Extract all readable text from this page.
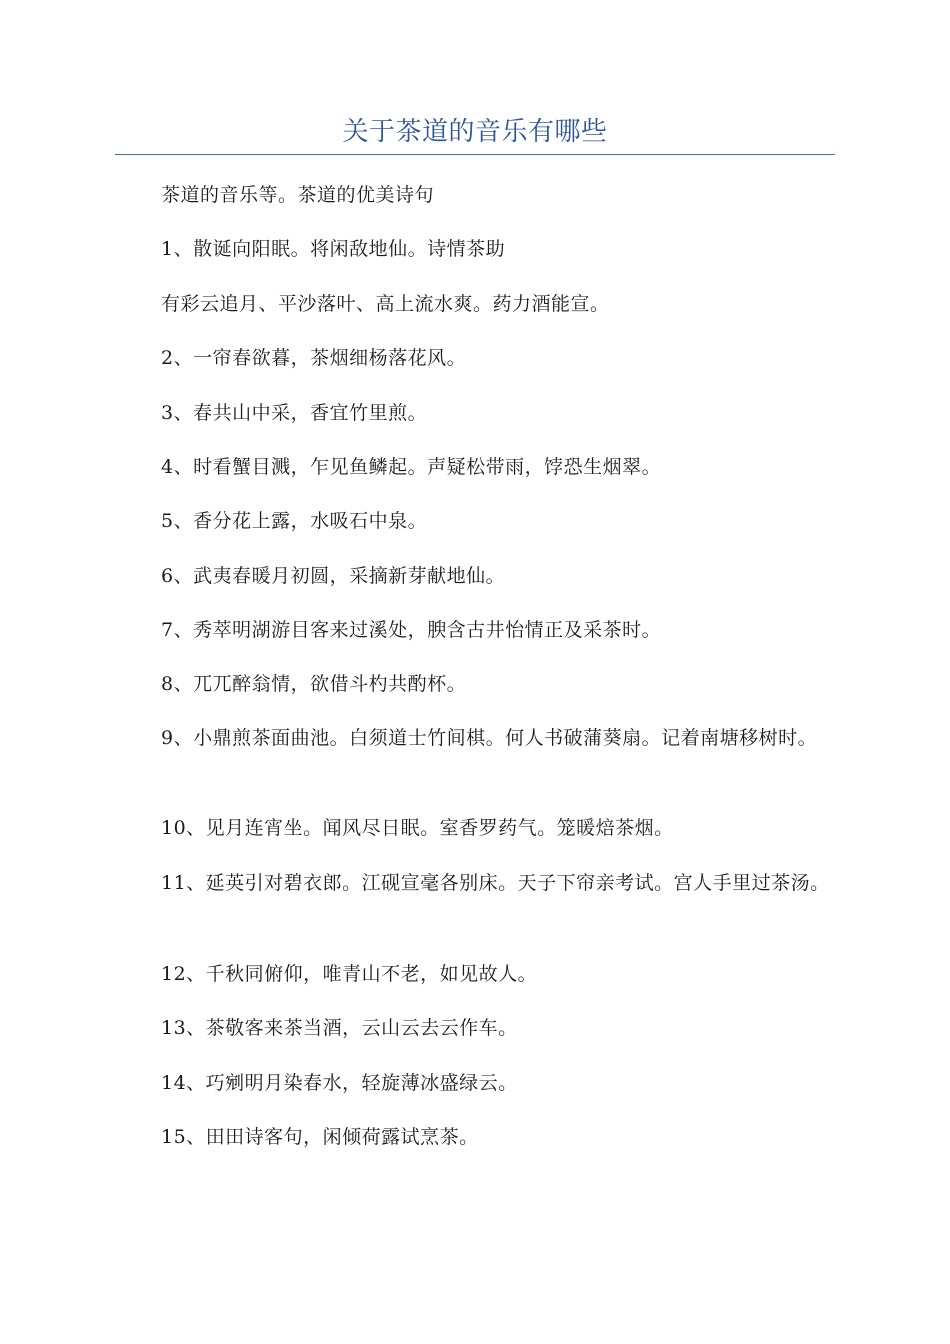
关于茶道的音乐有哪些

茶道的音乐等。茶道的优美诗句

1、散诞向阳眠。将闲敌地仙。诗情茶助

有彩云追月、平沙落叶、高上流水爽。药力酒能宣。

2、一帘春欲暮，茶烟细杨落花风。

3、春共山中采，香宜竹里煎。

4、时看蟹目溅，乍见鱼鳞起。声疑松带雨，饽恐生烟翠。

5、香分花上露，水吸石中泉。

6、武夷春暖月初圆，采摘新芽献地仙。

7、秀萃明湖游目客来过溪处，腴含古井怡情正及采茶时。

8、兀兀醉翁情，欲借斗杓共酌杯。

9、小鼎煎茶面曲池。白须道士竹间棋。何人书破蒲葵扇。记着南塘移树时。

10、见月连宵坐。闻风尽日眠。室香罗药气。笼暖焙茶烟。

11、延英引对碧衣郎。江砚宣毫各别床。天子下帘亲考试。宫人手里过茶汤。

12、千秋同俯仰，唯青山不老，如见故人。

13、茶敬客来茶当酒，云山云去云作车。

14、巧剜明月染春水，轻旋薄冰盛绿云。

15、田田诗客句，闲倾荷露试烹茶。
